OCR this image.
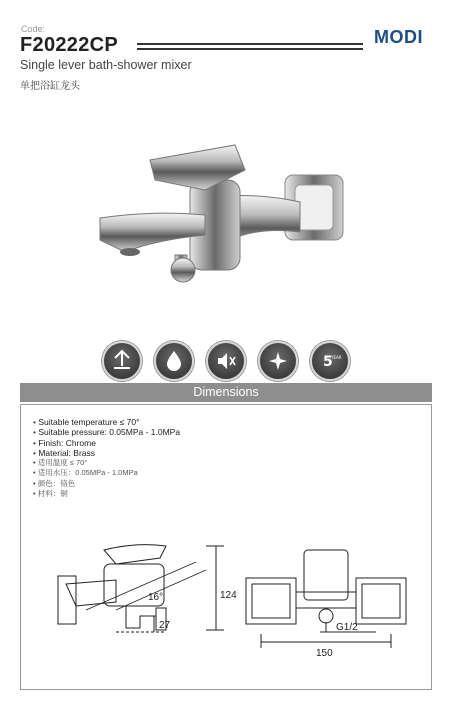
Code:
F20222CP	MODI
Single lever bath-shower mixer
单把浴缸龙头
5
YEAR
Dimensions
• Suitable temperature ≤ 70°
• Suitable pressure: 0.05MPa - 1.0MPa
• Finish: Chrome
• Material: Brass
• 适用温度 ≤ 70°
• 适用水压：0.05MPa - 1.0MPa
• 颜色：铬色
• 材料：铜
124
16°
27	G1/2
150
